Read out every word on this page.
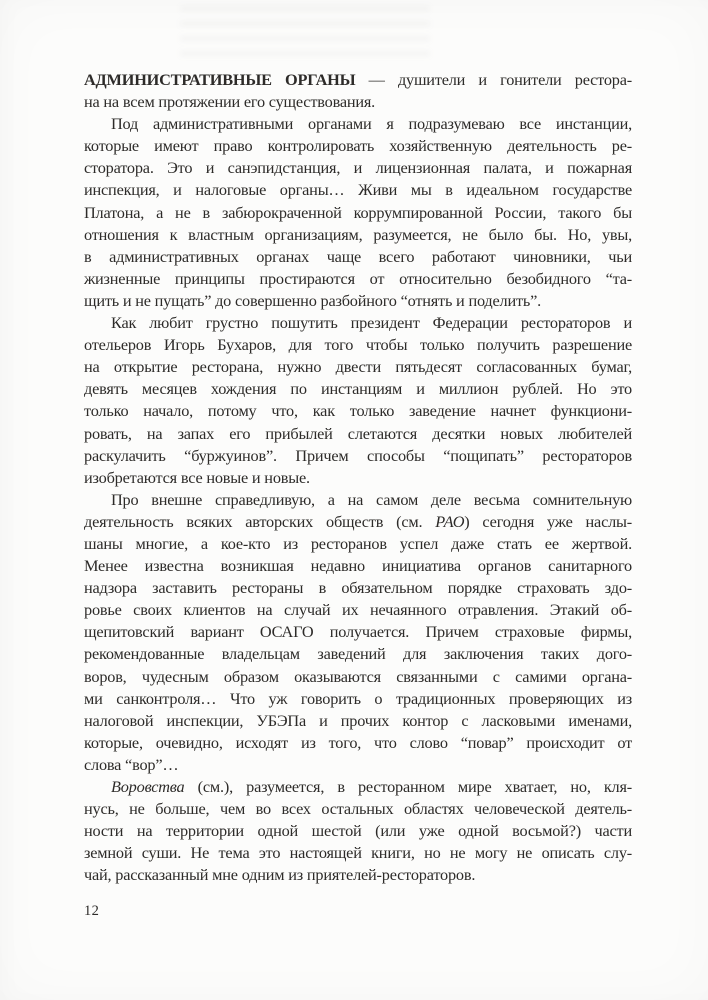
АДМИНИСТРАТИВНЫЕ ОРГАНЫ — душители и гонители рестора-
на на всем протяжении его существования.
Под административными органами я подразумеваю все инстанции,
которые имеют право контролировать хозяйственную деятельность ре-
сторатора. Это и санэпидстанция, и лицензионная палата, и пожарная
инспекция, и налоговые органы… Живи мы в идеальном государстве
Платона, а не в забюрокраченной коррумпированной России, такого бы
отношения к властным организациям, разумеется, не было бы. Но, увы,
в административных органах чаще всего работают чиновники, чьи
жизненные принципы простираются от относительно безобидного “та-
щить и не пущать” до совершенно разбойного “отнять и поделить”.
Как любит грустно пошутить президент Федерации рестораторов и
отельеров Игорь Бухаров, для того чтобы только получить разрешение
на открытие ресторана, нужно двести пятьдесят согласованных бумаг,
девять месяцев хождения по инстанциям и миллион рублей. Но это
только начало, потому что, как только заведение начнет функциони-
ровать, на запах его прибылей слетаются десятки новых любителей
раскулачить “буржуинов”. Причем способы “пощипать” рестораторов
изобретаются все новые и новые.
Про внешне справедливую, а на самом деле весьма сомнительную
деятельность всяких авторских обществ (см. РАО) сегодня уже наслы-
шаны многие, а кое-кто из ресторанов успел даже стать ее жертвой.
Менее известна возникшая недавно инициатива органов санитарного
надзора заставить рестораны в обязательном порядке страховать здо-
ровье своих клиентов на случай их нечаянного отравления. Этакий об-
щепитовский вариант ОСАГО получается. Причем страховые фирмы,
рекомендованные владельцам заведений для заключения таких дого-
воров, чудесным образом оказываются связанными с самими органа-
ми санконтроля… Что уж говорить о традиционных проверяющих из
налоговой инспекции, УБЭПа и прочих контор с ласковыми именами,
которые, очевидно, исходят из того, что слово “повар” происходит от
слова “вор”…
Воровства (см.), разумеется, в ресторанном мире хватает, но, кля-
нусь, не больше, чем во всех остальных областях человеческой деятель-
ности на территории одной шестой (или уже одной восьмой?) части
земной суши. Не тема это настоящей книги, но не могу не описать слу-
чай, рассказанный мне одним из приятелей-рестораторов.
12
